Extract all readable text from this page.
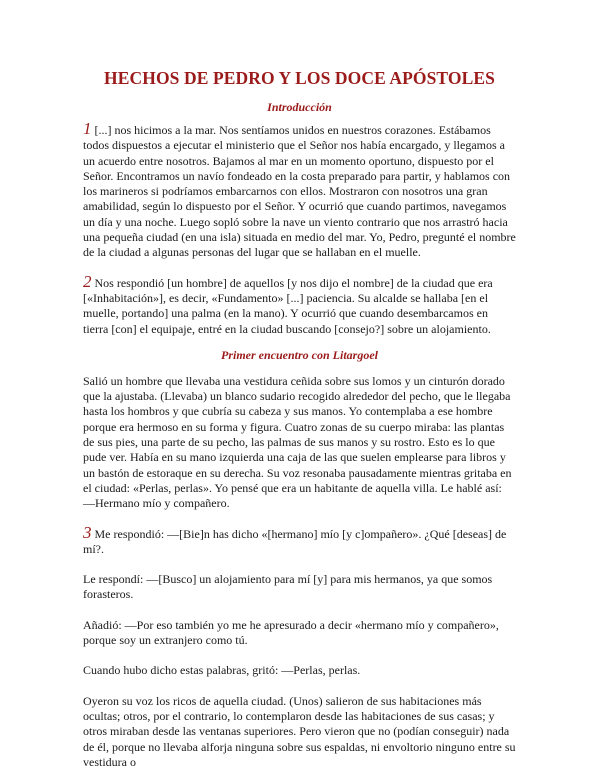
HECHOS DE PEDRO Y LOS DOCE APÓSTOLES
Introducción

1 [...] nos hicimos a la mar. Nos sentíamos unidos en nuestros corazones. Estábamos todos dispuestos a ejecutar el ministerio que el Señor nos había encargado, y llegamos a un acuerdo entre nosotros. Bajamos al mar en un momento oportuno, dispuesto por el Señor. Encontramos un navío fondeado en la costa preparado para partir, y hablamos con los marineros si podríamos embarcarnos con ellos. Mostraron con nosotros una gran amabilidad, según lo dispuesto por el Señor. Y ocurrió que cuando partimos, navegamos un día y una noche. Luego sopló sobre la nave un viento contrario que nos arrastró hacia una pequeña ciudad (en una isla) situada en medio del mar. Yo, Pedro, pregunté el nombre de la ciudad a algunas personas del lugar que se hallaban en el muelle.

2 Nos respondió [un hombre] de aquellos [y nos dijo el nombre] de la ciudad que era [«Inhabitación»], es decir, «Fundamento» [...] paciencia. Su alcalde se hallaba [en el muelle, portando] una palma (en la mano). Y ocurrió que cuando desembarcamos en tierra [con] el equipaje, entré en la ciudad buscando [consejo?] sobre un alojamiento.

Primer encuentro con Litargoel

Salió un hombre que llevaba una vestidura ceñida sobre sus lomos y un cinturón dorado que la ajustaba. (Llevaba) un blanco sudario recogido alrededor del pecho, que le llegaba hasta los hombros y que cubría su cabeza y sus manos. Yo contemplaba a ese hombre porque era hermoso en su forma y figura. Cuatro zonas de su cuerpo miraba: las plantas de sus pies, una parte de su pecho, las palmas de sus manos y su rostro. Esto es lo que pude ver. Había en su mano izquierda una caja de las que suelen emplearse para libros y un bastón de estoraque en su derecha. Su voz resonaba pausadamente mientras gritaba en el ciudad: «Perlas, perlas». Yo pensé que era un habitante de aquella villa. Le hablé así: —Hermano mío y compañero.

3 Me respondió: —[Bie]n has dicho «[hermano] mío [y c]ompañero». ¿Qué [deseas] de mí?.

Le respondí: —[Busco] un alojamiento para mí [y] para mis hermanos, ya que somos forasteros.

Añadió: —Por eso también yo me he apresurado a decir «hermano mío y compañero», porque soy un extranjero como tú.

Cuando hubo dicho estas palabras, gritó: —Perlas, perlas.

Oyeron su voz los ricos de aquella ciudad. (Unos) salieron de sus habitaciones más ocultas; otros, por el contrario, lo contemplaron desde las habitaciones de sus casas; y otros miraban desde las ventanas superiores. Pero vieron que no (podían conseguir) nada de él, porque no llevaba alforja ninguna sobre sus espaldas, ni envoltorio ninguno entre su vestidura o
